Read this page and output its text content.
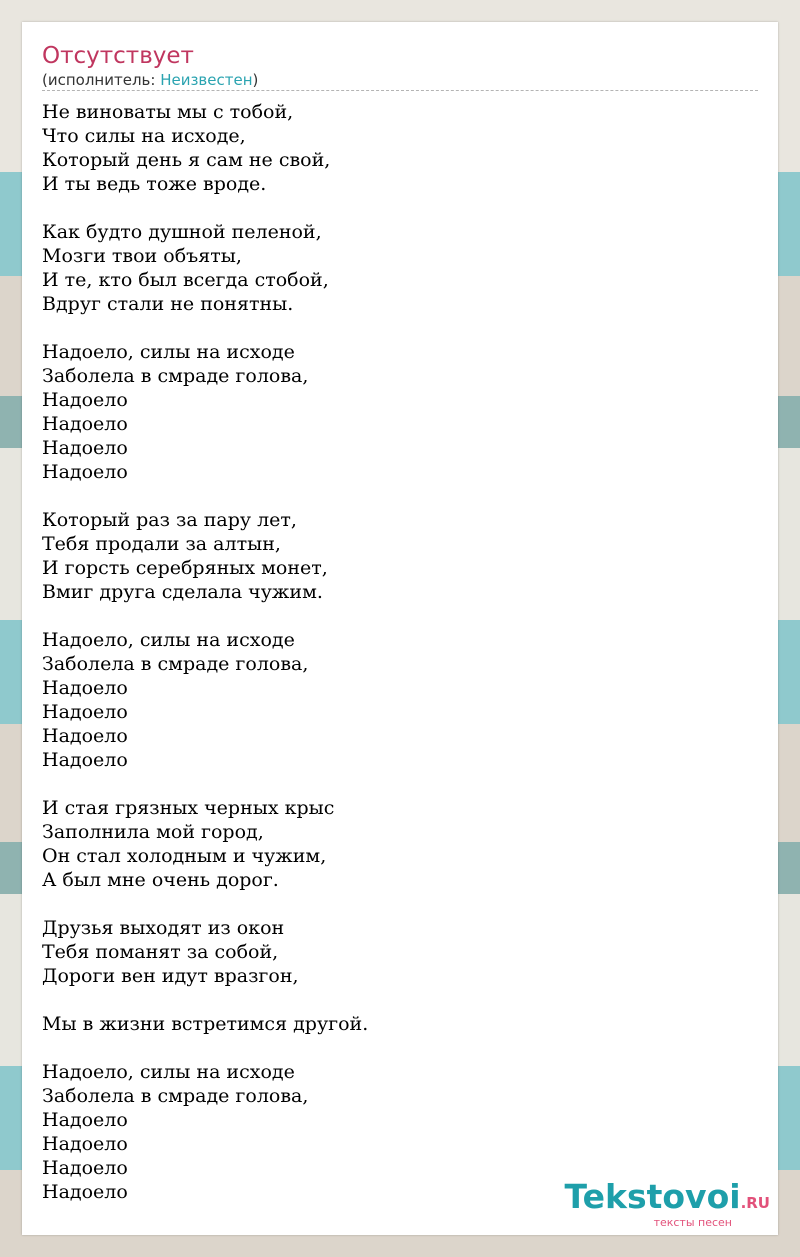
Отсутствует
(исполнитель: Неизвестен)
Не виноваты мы с тобой,
Что силы на исходе,
Который день я сам не свой,
И ты ведь тоже вроде.
Как будто душной пеленой,
Мозги твои объяты,
И те, кто был всегда стобой,
Вдруг стали не понятны.
Надоело, силы на исходе
Заболела в смраде голова,
Надоело
Надоело
Надоело
Надоело
Который раз за пару лет,
Тебя продали за алтын,
И горсть серебряных монет,
Вмиг друга сделала чужим.
Надоело, силы на исходе
Заболела в смраде голова,
Надоело
Надоело
Надоело
Надоело
И стая грязных черных крыс
Заполнила мой город,
Он стал холодным и чужим,
А был мне очень дорог.
Друзья выходят из окон
Тебя поманят за собой,
Дороги вен идут вразгон,
Мы в жизни встретимся другой.
Надоело, силы на исходе
Заболела в смраде голова,
Надоело
Надоело
Надоело
Надоело	Tekstovoi.RU
тексты песен
